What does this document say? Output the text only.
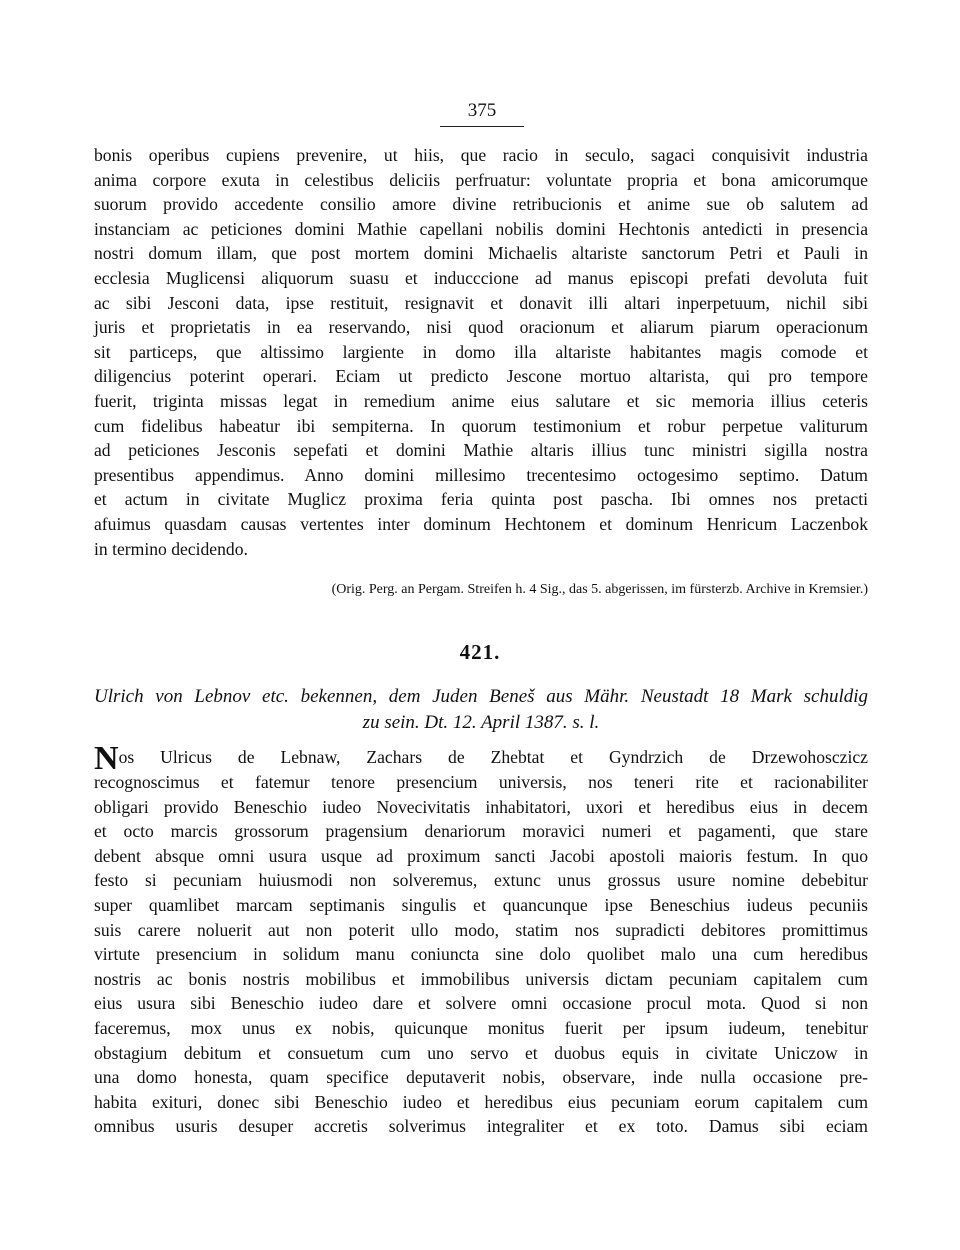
375
bonis operibus cupiens prevenire, ut hiis, que racio in seculo, sagaci conquisivit industria
anima corpore exuta in celestibus deliciis perfruatur: voluntate propria et bona amicorumque
suorum provido accedente consilio amore divine retribucionis et anime sue ob salutem ad
instanciam ac peticiones domini Mathie capellani nobilis domini Hechtonis antedicti in presencia
nostri domum illam, que post mortem domini Michaelis altariste sanctorum Petri et Pauli in
ecclesia Muglicensi aliquorum suasu et inducccione ad manus episcopi prefati devoluta fuit
ac sibi Jesconi data, ipse restituit, resignavit et donavit illi altari inperpetuum, nichil sibi
juris et proprietatis in ea reservando, nisi quod oracionum et aliarum piarum operacionum
sit particeps, que altissimo largiente in domo illa altariste habitantes magis comode et
diligencius poterint operari. Eciam ut predicto Jescone mortuo altarista, qui pro tempore
fuerit, triginta missas legat in remedium anime eius salutare et sic memoria illius ceteris
cum fidelibus habeatur ibi sempiterna. In quorum testimonium et robur perpetue valiturum
ad peticiones Jesconis sepefati et domini Mathie altaris illius tunc ministri sigilla nostra
presentibus appendimus. Anno domini millesimo trecentesimo octogesimo septimo. Datum
et actum in civitate Muglicz proxima feria quinta post pascha. Ibi omnes nos pretacti
afuimus quasdam causas vertentes inter dominum Hechtonem et dominum Henricum Laczenbok
in termino decidendo.
(Orig. Perg. an Pergam. Streifen h. 4 Sig., das 5. abgerissen, im fürsterzb. Archive in Kremsier.)
421.
Ulrich von Lebnov etc. bekennen, dem Juden Beneš aus Mähr. Neustadt 18 Mark schuldig
zu sein. Dt. 12. April 1387. s. l.
Nos Ulricus de Lebnaw, Zachars de Zhebtat et Gyndrzich de Drzewohosczicz
recognoscimus et fatemur tenore presencium universis, nos teneri rite et racionabiliter
obligari provido Beneschio iudeo Novecivitatis inhabitatori, uxori et heredibus eius in decem
et octo marcis grossorum pragensium denariorum moravici numeri et pagamenti, que stare
debent absque omni usura usque ad proximum sancti Jacobi apostoli maioris festum. In quo
festo si pecuniam huiusmodi non solveremus, extunc unus grossus usure nomine debebitur
super quamlibet marcam septimanis singulis et quancunque ipse Beneschius iudeus pecuniis
suis carere noluerit aut non poterit ullo modo, statim nos supradicti debitores promittimus
virtute presencium in solidum manu coniuncta sine dolo quolibet malo una cum heredibus
nostris ac bonis nostris mobilibus et immobilibus universis dictam pecuniam capitalem cum
eius usura sibi Beneschio iudeo dare et solvere omni occasione procul mota. Quod si non
faceremus, mox unus ex nobis, quicunque monitus fuerit per ipsum iudeum, tenebitur
obstagium debitum et consuetum cum uno servo et duobus equis in civitate Uniczow in
una domo honesta, quam specifice deputaverit nobis, observare, inde nulla occasione pre-
habita exituri, donec sibi Beneschio iudeo et heredibus eius pecuniam eorum capitalem cum
omnibus usuris desuper accretis solverimus integraliter et ex toto. Damus sibi eciam
